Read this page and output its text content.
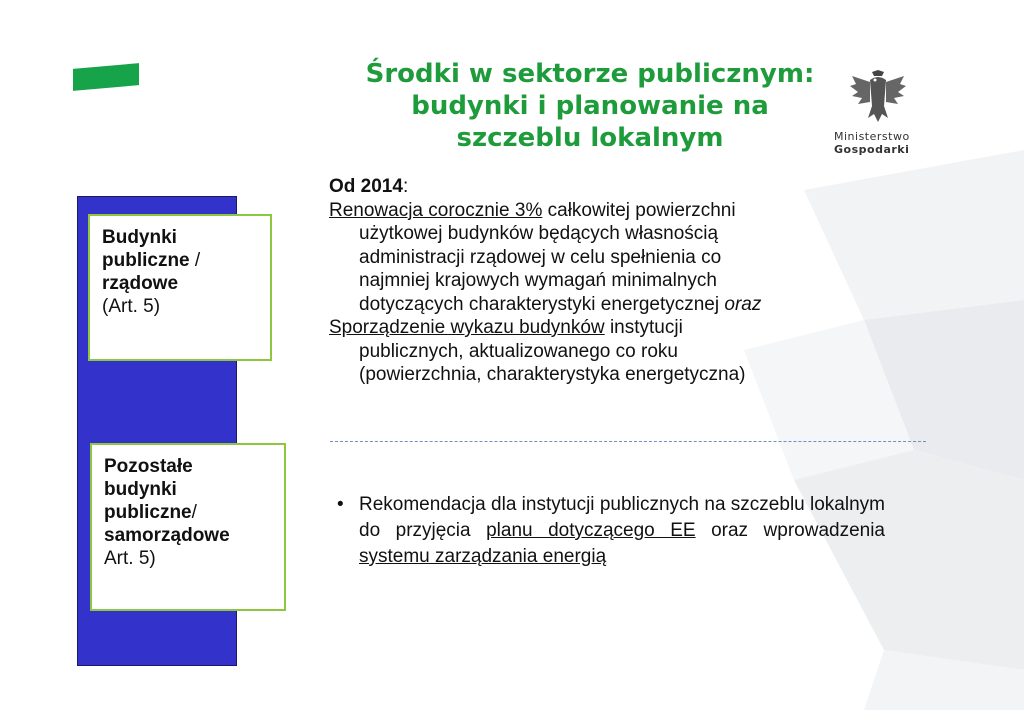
Środki w sektorze publicznym:
budynki i planowanie na
szczeblu lokalnym	Ministerstwo
Gospodarki
Budynki
publiczne /
rządowe
(Art. 5)
Pozostałe
budynki
publiczne/
samorządowe
Art. 5)

Od 2014:

Renowacja corocznie 3% całkowitej powierzchni

użytkowej budynków będących własnością

administracji rządowej w celu spełnienia co

najmniej krajowych wymagań minimalnych

dotyczących charakterystyki energetycznej oraz

Sporządzenie wykazu budynków instytucji

publicznych, aktualizowanego co roku

(powierzchnia, charakterystyka energetyczna)

• Rekomendacja dla instytucji publicznych na szczeblu lokalnym do przyjęcia planu dotyczącego EE oraz wprowadzenia systemu zarządzania energią
